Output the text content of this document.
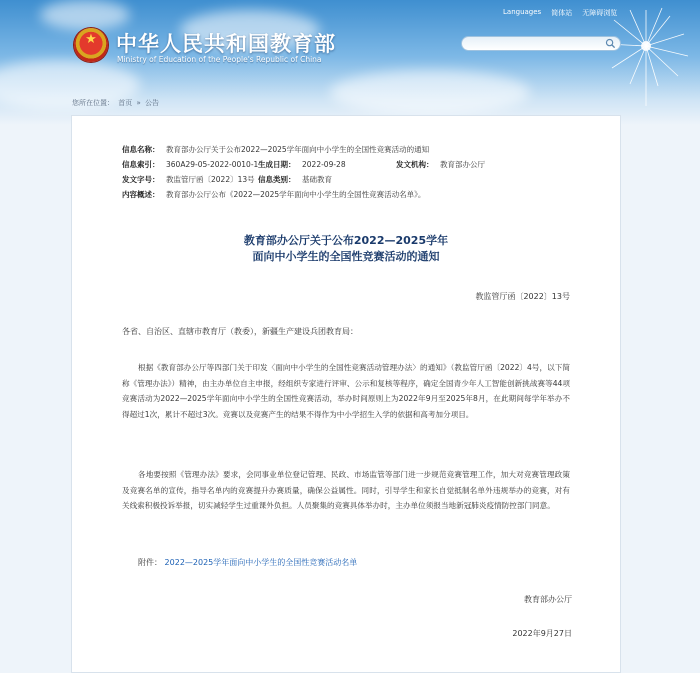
★ 中华人民共和国教育部
Ministry of Education of the People's Republic of China
Languages 简体站 无障碍浏览
您所在位置： 首页 » 公告
信息名称： 教育部办公厅关于公布2022—2025学年面向中小学生的全国性竞赛活动的通知
信息索引： 360A29-05-2022-0010-1 生成日期： 2022-09-28	发文机构： 教育部办公厅
发文字号： 教监管厅函〔2022〕13号 信息类别： 基础教育
内容概述： 教育部办公厅公布《2022—2025学年面向中小学生的全国性竞赛活动名单》。
教育部办公厅关于公布2022—2025学年
面向中小学生的全国性竞赛活动的通知
教监管厅函〔2022〕13号
各省、自治区、直辖市教育厅（教委），新疆生产建设兵团教育局：
根据《教育部办公厅等四部门关于印发〈面向中小学生的全国性竞赛活动管理办法〉的通知》（教监管厅函〔2022〕4号，以下简称《管理办法》）精神，由主办单位自主申报，经组织专家进行评审、公示和复核等程序，确定全国青少年人工智能创新挑战赛等44项竞赛活动为2022—2025学年面向中小学生的全国性竞赛活动，举办时间原则上为2022年9月至2025年8月，在此期间每学年举办不得超过1次，累计不超过3次。竞赛以及竞赛产生的结果不得作为中小学招生入学的依据和高考加分项目。
各地要按照《管理办法》要求，会同事业单位登记管理、民政、市场监管等部门进一步规范竞赛管理工作，加大对竞赛管理政策及竞赛名单的宣传，指导名单内的竞赛提升办赛质量，确保公益属性。同时，引导学生和家长自觉抵制名单外违规举办的竞赛，对有关线索积极投诉举报，切实减轻学生过重课外负担。人员聚集的竞赛具体举办时，主办单位须报当地新冠肺炎疫情防控部门同意。
附件： 2022—2025学年面向中小学生的全国性竞赛活动名单
教育部办公厅
2022年9月27日
